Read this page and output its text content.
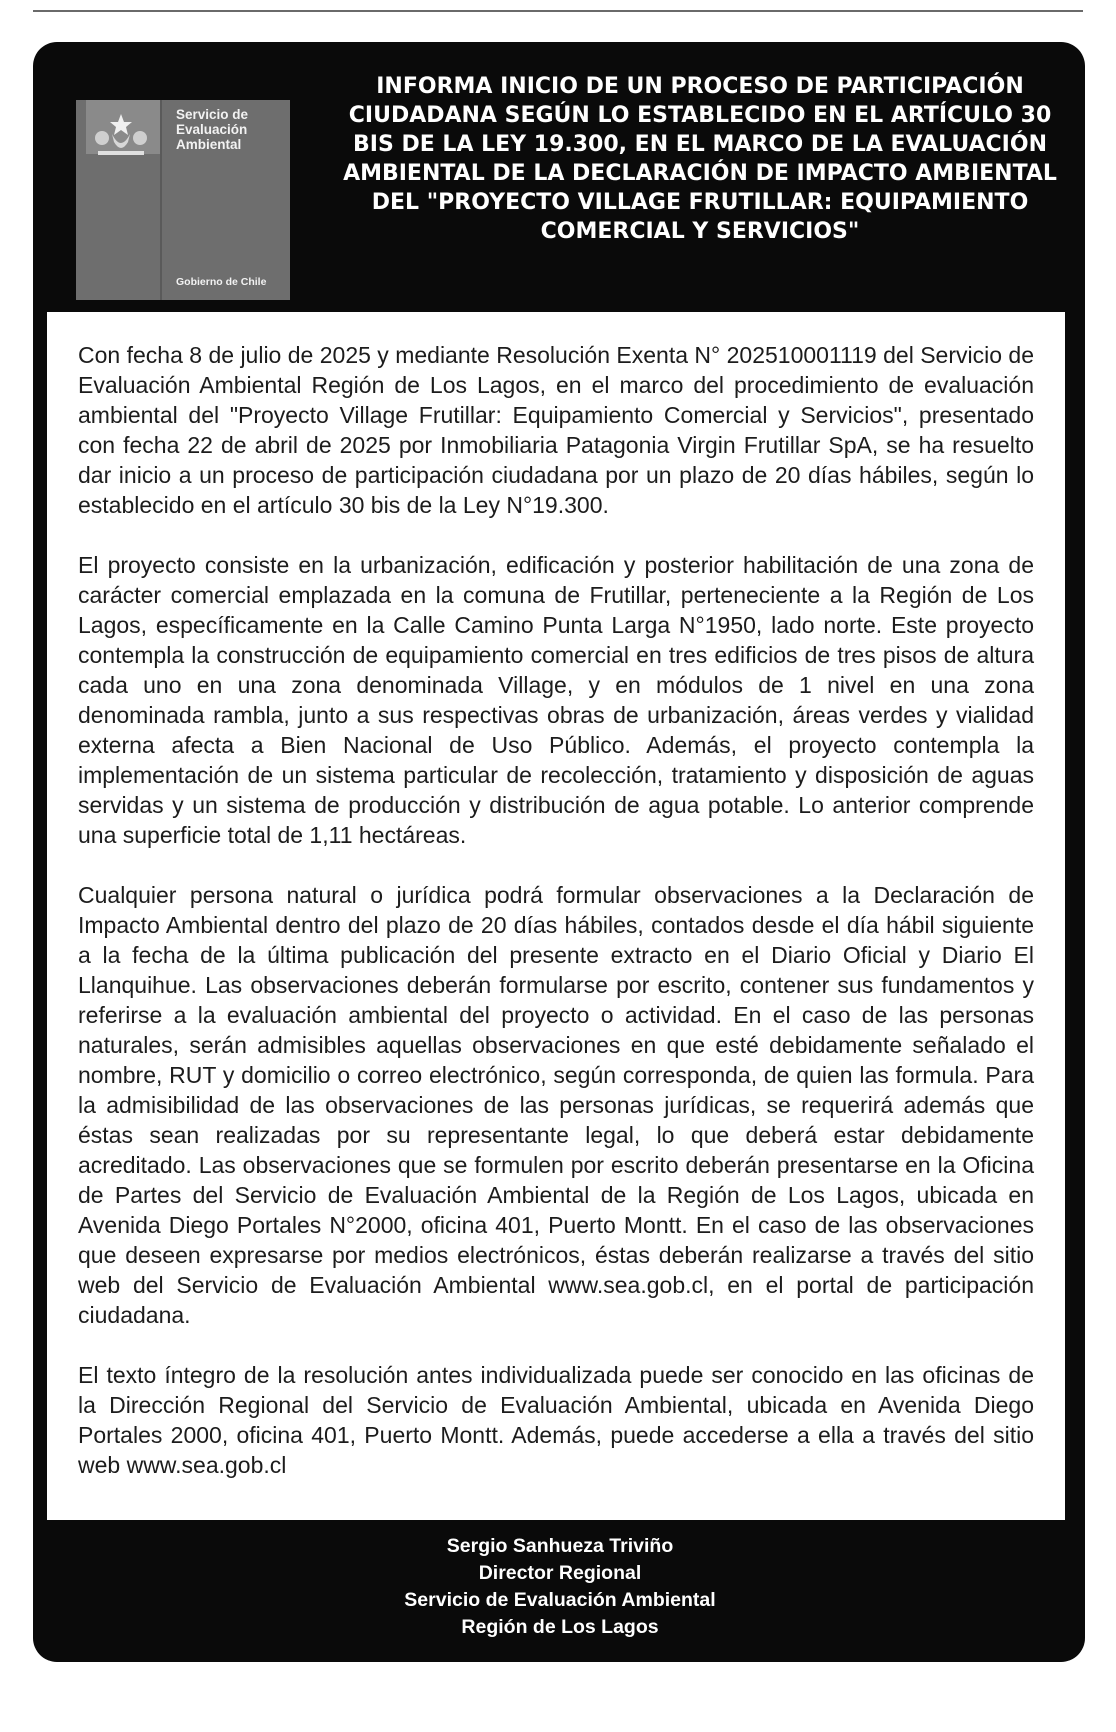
Servicio de Evaluación Ambiental
Gobierno de Chile
INFORMA INICIO DE UN PROCESO DE PARTICIPACIÓN CIUDADANA SEGÚN LO ESTABLECIDO EN EL ARTÍCULO 30 BIS DE LA LEY 19.300, EN EL MARCO DE LA EVALUACIÓN AMBIENTAL DE LA DECLARACIÓN DE IMPACTO AMBIENTAL DEL "PROYECTO VILLAGE FRUTILLAR: EQUIPAMIENTO COMERCIAL Y SERVICIOS"

Con fecha 8 de julio de 2025 y mediante Resolución Exenta N° 202510001119 del Servicio de Evaluación Ambiental Región de Los Lagos, en el marco del procedimiento de evaluación ambiental del "Proyecto Village Frutillar: Equipamiento Comercial y Servicios", presentado con fecha 22 de abril de 2025 por Inmobiliaria Patagonia Virgin Frutillar SpA, se ha resuelto dar inicio a un proceso de participación ciudadana por un plazo de 20 días hábiles, según lo establecido en el artículo 30 bis de la Ley N°19.300.

El proyecto consiste en la urbanización, edificación y posterior habilitación de una zona de carácter comercial emplazada en la comuna de Frutillar, perteneciente a la Región de Los Lagos, específicamente en la Calle Camino Punta Larga N°1950, lado norte. Este proyecto contempla la construcción de equipamiento comercial en tres edificios de tres pisos de altura cada uno en una zona denominada Village, y en módulos de 1 nivel en una zona denominada rambla, junto a sus respectivas obras de urbanización, áreas verdes y vialidad externa afecta a Bien Nacional de Uso Público. Además, el proyecto contempla la implementación de un sistema particular de recolección, tratamiento y disposición de aguas servidas y un sistema de producción y distribución de agua potable. Lo anterior comprende una superficie total de 1,11 hectáreas.

Cualquier persona natural o jurídica podrá formular observaciones a la Declaración de Impacto Ambiental dentro del plazo de 20 días hábiles, contados desde el día hábil siguiente a la fecha de la última publicación del presente extracto en el Diario Oficial y Diario El Llanquihue. Las observaciones deberán formularse por escrito, contener sus fundamentos y referirse a la evaluación ambiental del proyecto o actividad. En el caso de las personas naturales, serán admisibles aquellas observaciones en que esté debidamente señalado el nombre, RUT y domicilio o correo electrónico, según corresponda, de quien las formula. Para la admisibilidad de las observaciones de las personas jurídicas, se requerirá además que éstas sean realizadas por su representante legal, lo que deberá estar debidamente acreditado. Las observaciones que se formulen por escrito deberán presentarse en la Oficina de Partes del Servicio de Evaluación Ambiental de la Región de Los Lagos, ubicada en Avenida Diego Portales N°2000, oficina 401, Puerto Montt. En el caso de las observaciones que deseen expresarse por medios electrónicos, éstas deberán realizarse a través del sitio web del Servicio de Evaluación Ambiental www.sea.gob.cl, en el portal de participación ciudadana.

El texto íntegro de la resolución antes individualizada puede ser conocido en las oficinas de la Dirección Regional del Servicio de Evaluación Ambiental, ubicada en Avenida Diego Portales 2000, oficina 401, Puerto Montt. Además, puede accederse a ella a través del sitio web www.sea.gob.cl

Sergio Sanhueza Triviño
Director Regional
Servicio de Evaluación Ambiental
Región de Los Lagos
